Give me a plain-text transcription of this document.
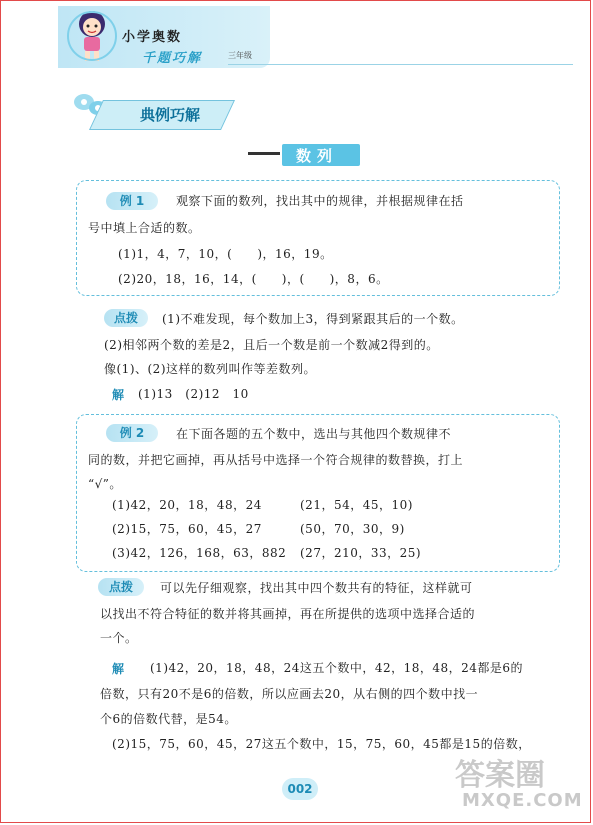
小学奥数
千题巧解	三年级
典例巧解
数列
例 1	观察下面的数列，找出其中的规律，并根据规律在括
号中填上合适的数。
(1)1，4，7，10，(　　)，16，19。
(2)20，18，16，14，(　　)，(　　)，8，6。
点拨	(1)不难发现，每个数加上3，得到紧跟其后的一个数。
(2)相邻两个数的差是2，且后一个数是前一个数减2得到的。
像(1)、(2)这样的数列叫作等差数列。
解 (1)13　(2)12　10
例 2	在下面各题的五个数中，选出与其他四个数规律不
同的数，并把它画掉，再从括号中选择一个符合规律的数替换，打上
“√”。
(1)42，20，18，48，24	(21，54，45，10)
(2)15，75，60，45，27	(50，70，30，9)
(3)42，126，168，63，882 (27，210，33，25)
点拨	可以先仔细观察，找出其中四个数共有的特征，这样就可
以找出不符合特征的数并将其画掉，再在所提供的选项中选择合适的
一个。
解 (1)42，20，18，48，24这五个数中，42，18，48，24都是6的
倍数，只有20不是6的倍数，所以应画去20，从右侧的四个数中找一
个6的倍数代替，是54。
(2)15，75，60，45，27这五个数中，15，75，60，45都是15的倍数，
002	答案圈
MXQE.COM
